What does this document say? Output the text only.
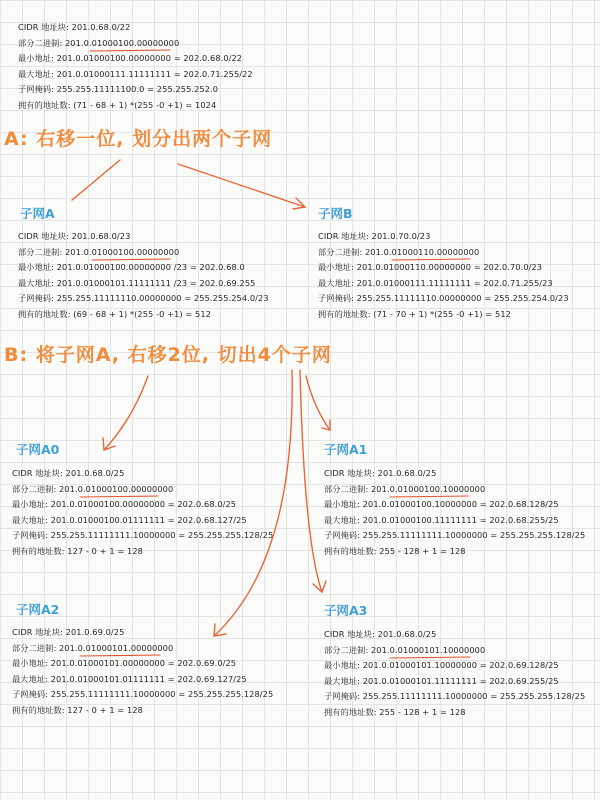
CIDR 地址块: 201.0.68.0/22
部分二进制: 201.0.01000100.00000000
最小地址: 201.0.01000100.00000000 = 202.0.68.0/22
最大地址: 201.0.01000111.11111111 = 202.0.71.255/22
子网掩码: 255.255.11111100.0 = 255.255.252.0
拥有的地址数: (71 - 68 + 1) *(255 -0 +1) = 1024
A: 右移一位, 划分出两个子网
子网A
CIDR 地址块: 201.0.68.0/23
部分二进制: 201.0.01000100.00000000
最小地址: 201.0.01000100.00000000 /23 = 202.0.68.0
最大地址: 201.0.01000101.11111111 /23 = 202.0.69.255
子网掩码: 255.255.11111110.00000000 = 255.255.254.0/23
拥有的地址数: (69 - 68 + 1) *(255 -0 +1) = 512
子网B
CIDR 地址块: 201.0.70.0/23
部分二进制: 201.0.01000110.00000000
最小地址: 201.0.01000110.00000000 = 202.0.70.0/23
最大地址: 201.0.01000111.11111111 = 202.0.71.255/23
子网掩码: 255.255.11111110.00000000 = 255.255.254.0/23
拥有的地址数: (71 - 70 + 1) *(255 -0 +1) = 512
B: 将子网A, 右移2位, 切出4个子网
子网A0
CIDR 地址块: 201.0.68.0/25
部分二进制: 201.0.01000100.00000000
最小地址: 201.0.01000100.00000000 = 202.0.68.0/25
最大地址: 201.0.01000100.01111111 = 202.0.68.127/25
子网掩码: 255.255.11111111.10000000 = 255.255.255.128/25
拥有的地址数: 127 - 0 + 1 = 128
子网A1
CIDR 地址块: 201.0.68.0/25
部分二进制: 201.0.01000100.10000000
最小地址: 201.0.01000100.10000000 = 202.0.68.128/25
最大地址: 201.0.01000100.11111111 = 202.0.68.255/25
子网掩码: 255.255.11111111.10000000 = 255.255.255.128/25
拥有的地址数: 255 - 128 + 1 = 128
子网A2
CIDR 地址块: 201.0.69.0/25
部分二进制: 201.0.01000101.00000000
最小地址: 201.0.01000101.00000000 = 202.0.69.0/25
最大地址: 201.0.01000101.01111111 = 202.0.69.127/25
子网掩码: 255.255.11111111.10000000 = 255.255.255.128/25
拥有的地址数: 127 - 0 + 1 = 128
子网A3
CIDR 地址块: 201.0.68.0/25
部分二进制: 201.0.01000101.10000000
最小地址: 201.0.01000101.10000000 = 202.0.69.128/25
最大地址: 201.0.01000101.11111111 = 202.0.69.255/25
子网掩码: 255.255.11111111.10000000 = 255.255.255.128/25
拥有的地址数: 255 - 128 + 1 = 128
